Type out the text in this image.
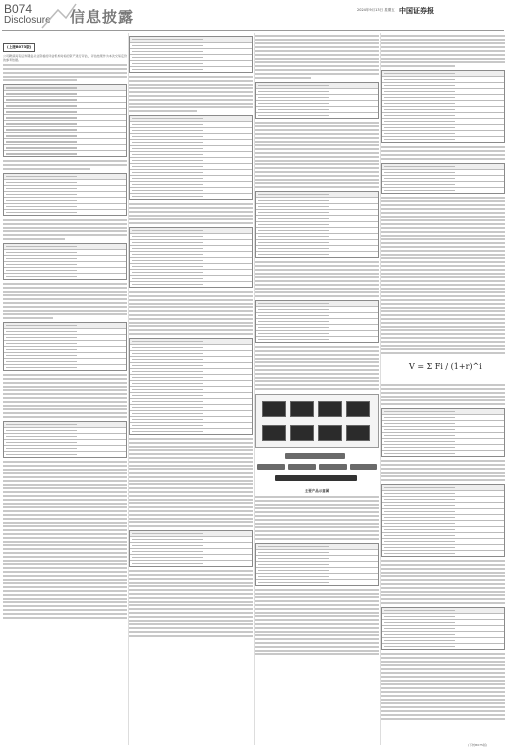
B074
Disclosure 信息披露	2024年9月13日 星期五 中国证券报
(上接B073版)

公司聘请具有证券期货从业资格的评估机构对标的资产进行评估，评估结果作为本次交易定价的参考依据。

主要产品示意图
V = Σ Fi / (1+r)^i
(下转B075版)
